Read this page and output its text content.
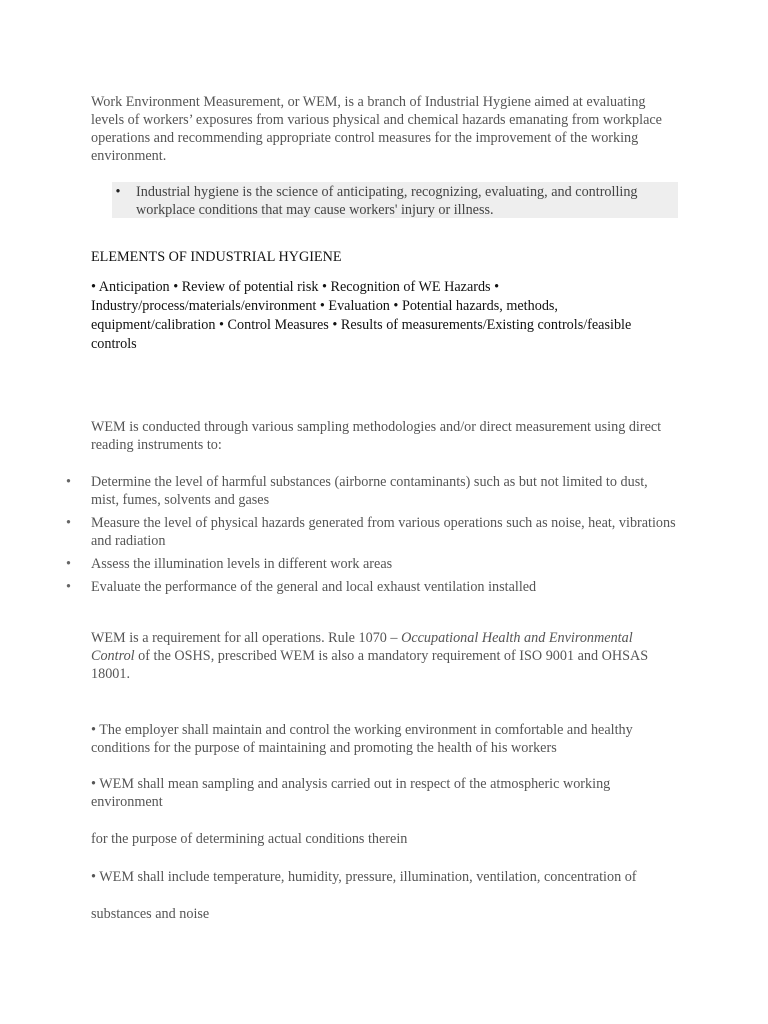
Work Environment Measurement, or WEM, is a branch of Industrial Hygiene aimed at evaluating levels of workers’ exposures from various physical and chemical hazards emanating from workplace operations and recommending appropriate control measures for the improvement of the working environment.

• Industrial hygiene is the science of anticipating, recognizing, evaluating, and controlling workplace conditions that may cause workers' injury or illness.

ELEMENTS OF INDUSTRIAL HYGIENE

• Anticipation • Review of potential risk • Recognition of WE Hazards • Industry/process/materials/environment • Evaluation • Potential hazards, methods, equipment/calibration • Control Measures • Results of measurements/Existing controls/feasible controls

WEM is conducted through various sampling methodologies and/or direct measurement using direct reading instruments to:

• Determine the level of harmful substances (airborne contaminants) such as but not limited to dust, mist, fumes, solvents and gases
• Measure the level of physical hazards generated from various operations such as noise, heat, vibrations and radiation
• Assess the illumination levels in different work areas
• Evaluate the performance of the general and local exhaust ventilation installed

WEM is a requirement for all operations. Rule 1070 – Occupational Health and Environmental Control of the OSHS, prescribed WEM is also a mandatory requirement of ISO 9001 and OHSAS 18001.

• The employer shall maintain and control the working environment in comfortable and healthy conditions for the purpose of maintaining and promoting the health of his workers

• WEM shall mean sampling and analysis carried out in respect of the atmospheric working environment

for the purpose of determining actual conditions therein

• WEM shall include temperature, humidity, pressure, illumination, ventilation, concentration of

substances and noise
